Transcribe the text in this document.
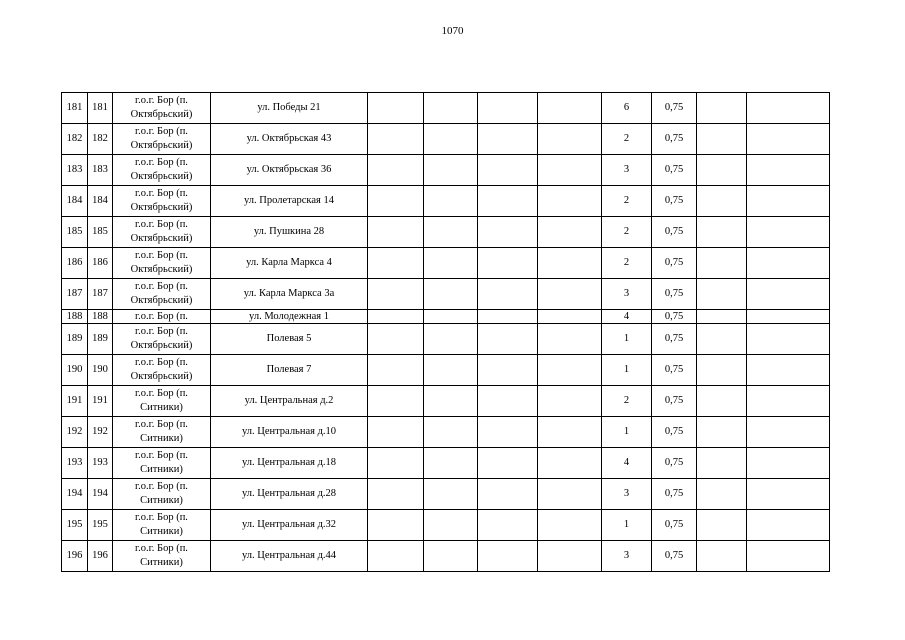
1070
181	181	г.о.г. Бор (п.
Октябрьский)	ул. Победы 21					6	0,75		
182	182	г.о.г. Бор (п.
Октябрьский)	ул. Октябрьская 43					2	0,75		
183	183	г.о.г. Бор (п.
Октябрьский)	ул. Октябрьская 36					3	0,75		
184	184	г.о.г. Бор (п.
Октябрьский)	ул. Пролетарская 14					2	0,75		
185	185	г.о.г. Бор (п.
Октябрьский)	ул. Пушкина 28					2	0,75		
186	186	г.о.г. Бор (п.
Октябрьский)	ул. Карла Маркса 4					2	0,75		
187	187	г.о.г. Бор (п.
Октябрьский)	ул. Карла Маркса 3а					3	0,75		
188	188	г.о.г. Бор (п.	ул. Молодежная 1					4	0,75		
189	189	г.о.г. Бор (п.
Октябрьский)	Полевая 5					1	0,75		
190	190	г.о.г. Бор (п.
Октябрьский)	Полевая 7					1	0,75		
191	191	г.о.г. Бор (п.
Ситники)	ул. Центральная д.2					2	0,75		
192	192	г.о.г. Бор (п.
Ситники)	ул. Центральная д.10					1	0,75		
193	193	г.о.г. Бор (п.
Ситники)	ул. Центральная д.18					4	0,75		
194	194	г.о.г. Бор (п.
Ситники)	ул. Центральная д.28					3	0,75		
195	195	г.о.г. Бор (п.
Ситники)	ул. Центральная д.32					1	0,75		
196	196	г.о.г. Бор (п.
Ситники)	ул. Центральная д.44					3	0,75		
